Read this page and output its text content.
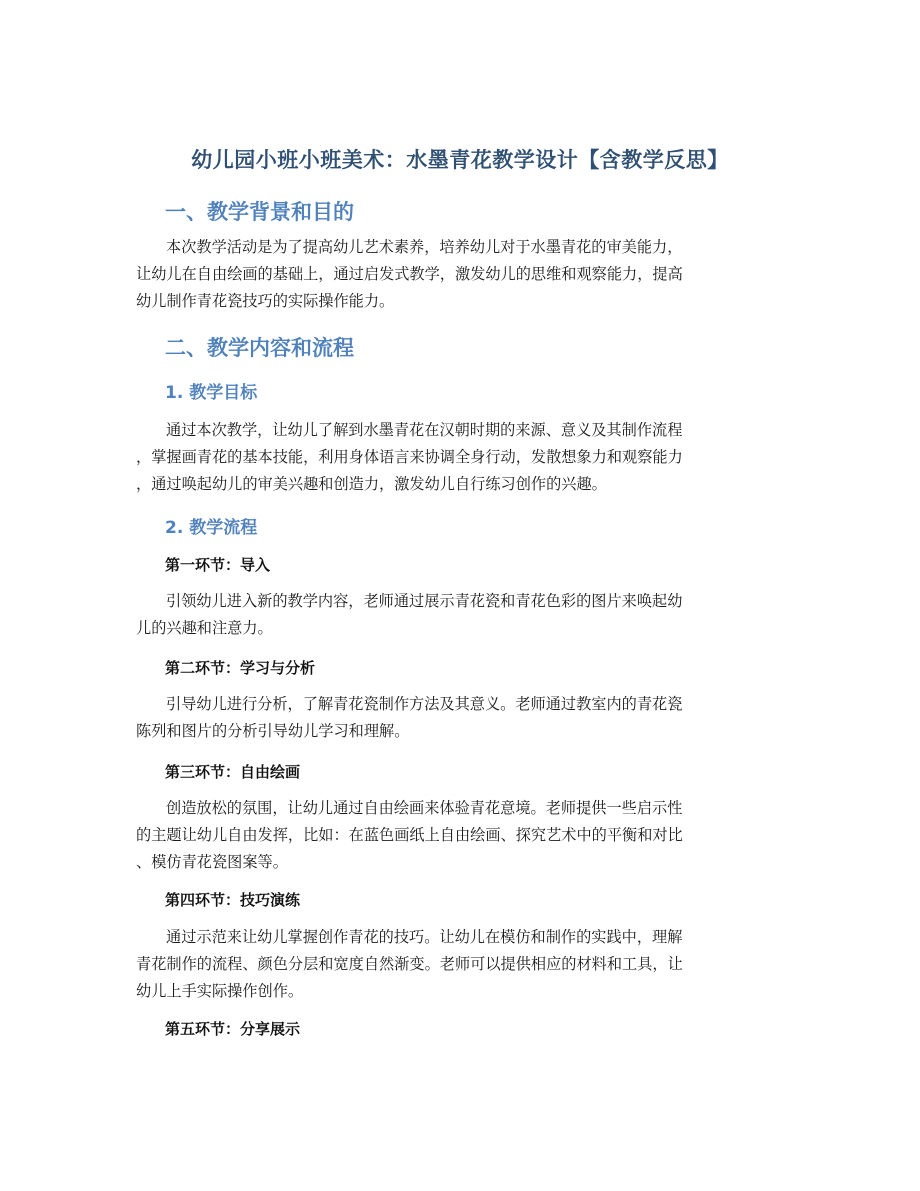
幼儿园小班小班美术：水墨青花教学设计【含教学反思】
一、教学背景和目的

本次教学活动是为了提高幼儿艺术素养，培养幼儿对于水墨青花的审美能力，
让幼儿在自由绘画的基础上，通过启发式教学，激发幼儿的思维和观察能力，提高
幼儿制作青花瓷技巧的实际操作能力。

二、教学内容和流程
1. 教学目标

通过本次教学，让幼儿了解到水墨青花在汉朝时期的来源、意义及其制作流程
，掌握画青花的基本技能，利用身体语言来协调全身行动，发散想象力和观察能力
，通过唤起幼儿的审美兴趣和创造力，激发幼儿自行练习创作的兴趣。

2. 教学流程
第一环节：导入

引领幼儿进入新的教学内容，老师通过展示青花瓷和青花色彩的图片来唤起幼
儿的兴趣和注意力。

第二环节：学习与分析

引导幼儿进行分析，了解青花瓷制作方法及其意义。老师通过教室内的青花瓷
陈列和图片的分析引导幼儿学习和理解。

第三环节：自由绘画

创造放松的氛围，让幼儿通过自由绘画来体验青花意境。老师提供一些启示性
的主题让幼儿自由发挥，比如：在蓝色画纸上自由绘画、探究艺术中的平衡和对比
、模仿青花瓷图案等。

第四环节：技巧演练

通过示范来让幼儿掌握创作青花的技巧。让幼儿在模仿和制作的实践中，理解
青花制作的流程、颜色分层和宽度自然渐变。老师可以提供相应的材料和工具，让
幼儿上手实际操作创作。

第五环节：分享展示
